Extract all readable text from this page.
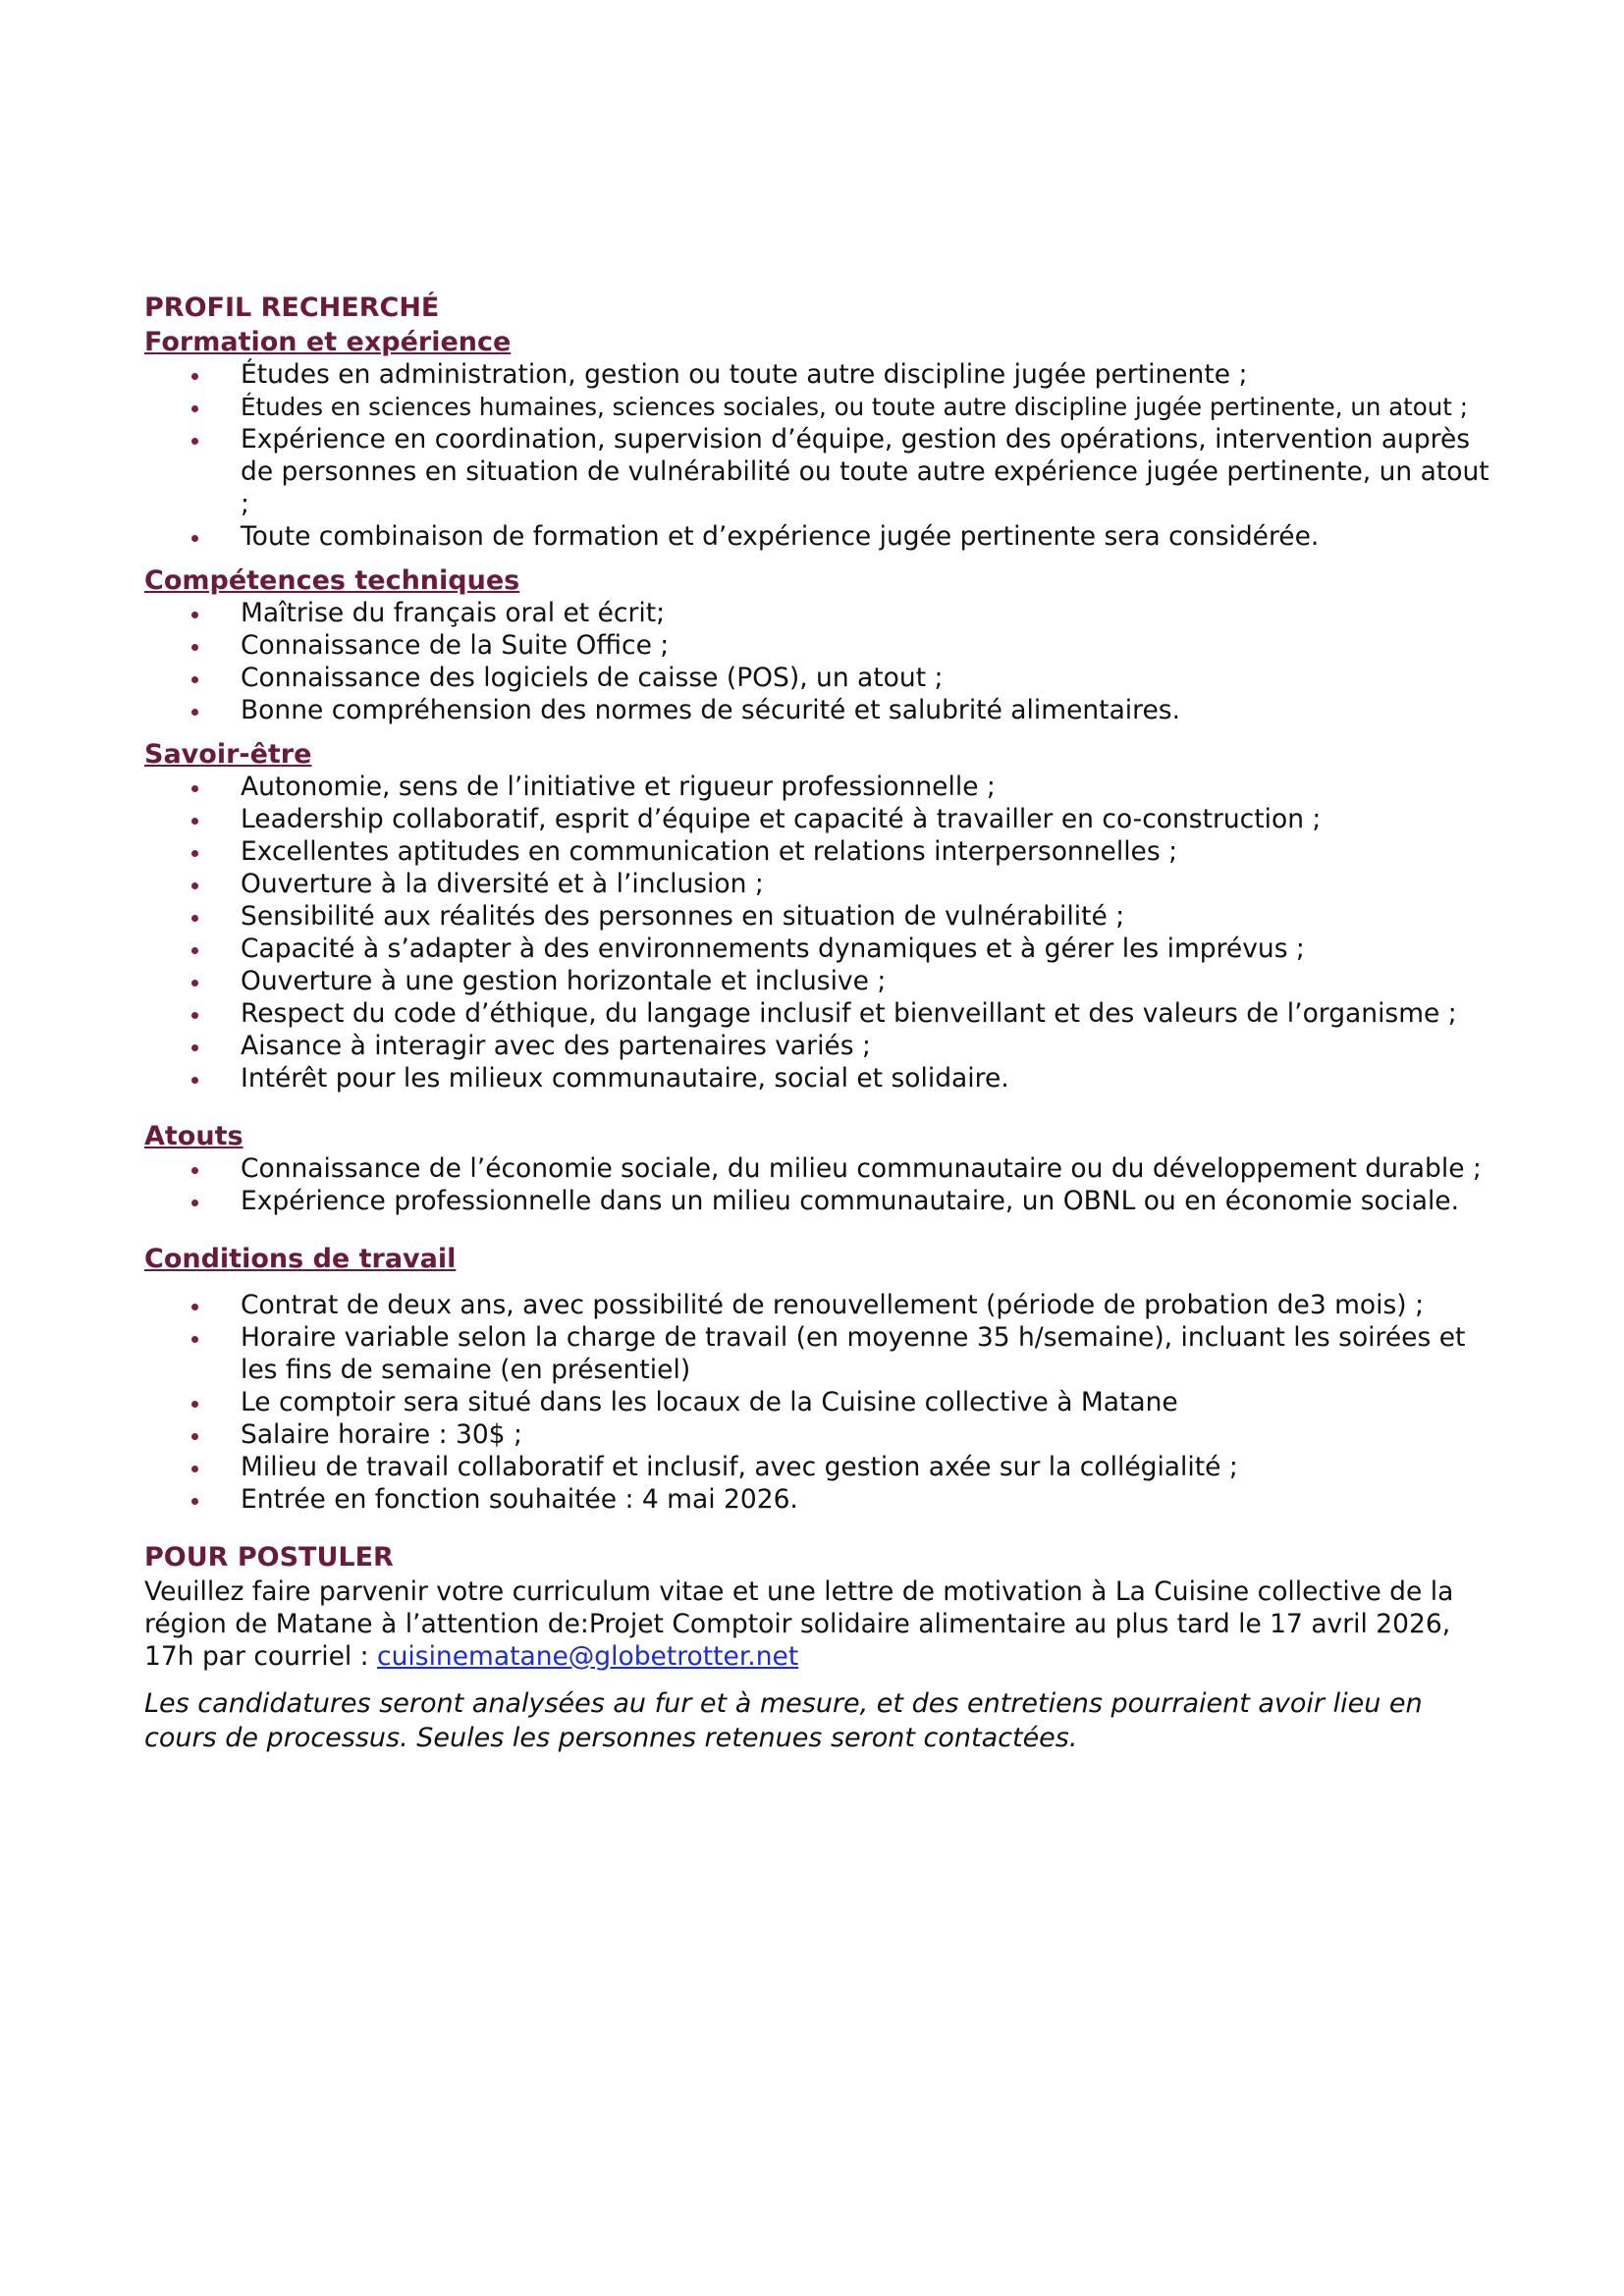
PROFIL RECHERCHÉ
Formation et expérience
Études en administration, gestion ou toute autre discipline jugée pertinente ;
Études en sciences humaines, sciences sociales, ou toute autre discipline jugée pertinente, un atout ;
Expérience en coordination, supervision d’équipe, gestion des opérations, intervention auprès de personnes en situation de vulnérabilité ou toute autre expérience jugée pertinente, un atout ;
Toute combinaison de formation et d’expérience jugée pertinente sera considérée.
Compétences techniques
Maîtrise du français oral et écrit;
Connaissance de la Suite Office ;
Connaissance des logiciels de caisse (POS), un atout ;
Bonne compréhension des normes de sécurité et salubrité alimentaires.
Savoir-être
Autonomie, sens de l’initiative et rigueur professionnelle ;
Leadership collaboratif, esprit d’équipe et capacité à travailler en co-construction ;
Excellentes aptitudes en communication et relations interpersonnelles ;
Ouverture à la diversité et à l’inclusion ;
Sensibilité aux réalités des personnes en situation de vulnérabilité ;
Capacité à s’adapter à des environnements dynamiques et à gérer les imprévus ;
Ouverture à une gestion horizontale et inclusive ;
Respect du code d’éthique, du langage inclusif et bienveillant et des valeurs de l’organisme ;
Aisance à interagir avec des partenaires variés ;
Intérêt pour les milieux communautaire, social et solidaire.
Atouts
Connaissance de l’économie sociale, du milieu communautaire ou du développement durable ;
Expérience professionnelle dans un milieu communautaire, un OBNL ou en économie sociale.
Conditions de travail
Contrat de deux ans, avec possibilité de renouvellement (période de probation de3 mois) ;
Horaire variable selon la charge de travail (en moyenne 35 h/semaine), incluant les soirées et les fins de semaine (en présentiel)
Le comptoir sera situé dans les locaux de la Cuisine collective à Matane
Salaire horaire : 30$ ;
Milieu de travail collaboratif et inclusif, avec gestion axée sur la collégialité ;
Entrée en fonction souhaitée : 4 mai 2026.
POUR POSTULER

Veuillez faire parvenir votre curriculum vitae et une lettre de motivation à La Cuisine collective de la région de Matane à l’attention de:Projet Comptoir solidaire alimentaire au plus tard le 17 avril 2026, 17h par courriel : cuisinematane@globetrotter.net

Les candidatures seront analysées au fur et à mesure, et des entretiens pourraient avoir lieu en cours de processus. Seules les personnes retenues seront contactées.
